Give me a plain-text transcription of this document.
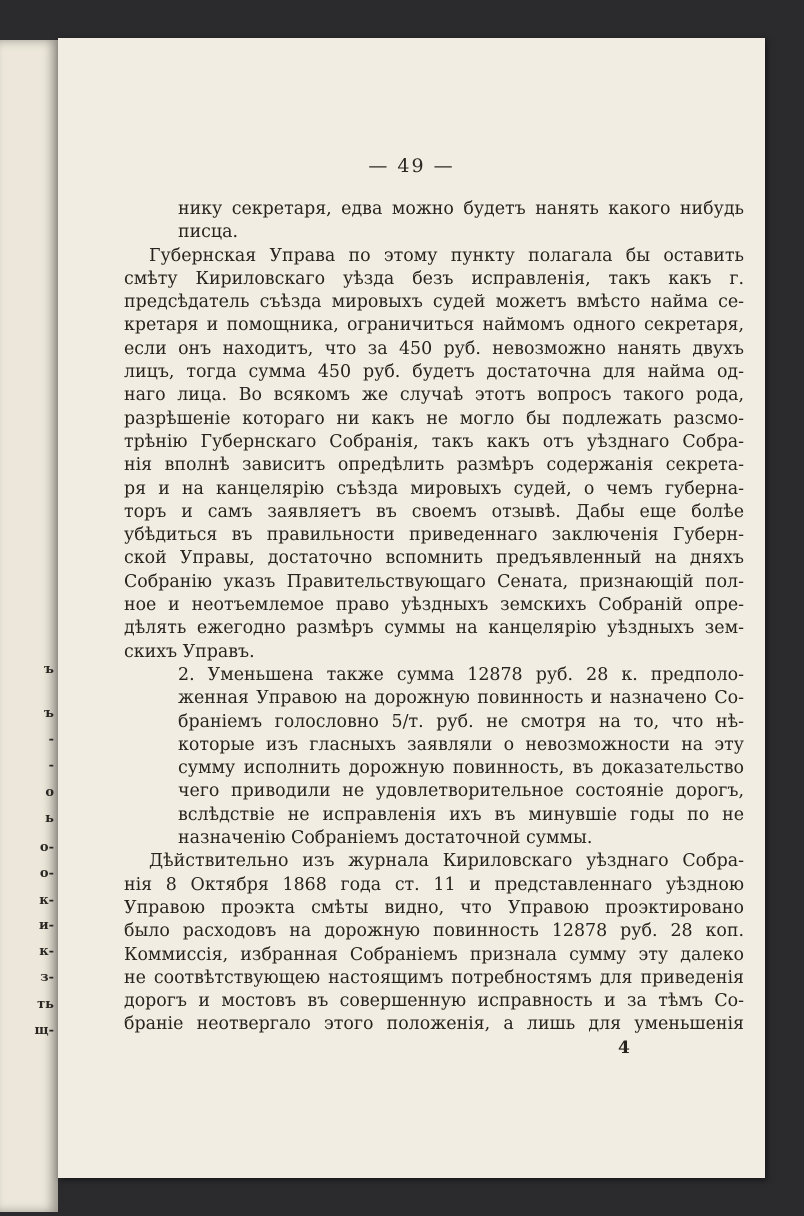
ъ
ъ
-
-
о
ь
о-
о-
к-
и-
к-
з-
ть
щ-
— 49 —
нику секретаря, едва можно будетъ нанять какого нибудь
писца.
Губернская Управа по этому пункту полагала бы оставить
смѣту Кириловскаго уѣзда безъ исправленія, такъ какъ г.
предсѣдатель съѣзда мировыхъ судей можетъ вмѣсто найма се-
кретаря и помощника, ограничиться наймомъ одного секретаря,
если онъ находитъ, что за 450 руб. невозможно нанять двухъ
лицъ, тогда сумма 450 руб. будетъ достаточна для найма од-
наго лица. Во всякомъ же случаѣ этотъ вопросъ такого рода,
разрѣшеніе котораго ни какъ не могло бы подлежать разсмо-
трѣнію Губернскаго Собранія, такъ какъ отъ уѣзднаго Собра-
нія вполнѣ зависитъ опредѣлить размѣръ содержанія секрета-
ря и на канцелярію съѣзда мировыхъ судей, о чемъ губерна-
торъ и самъ заявляетъ въ своемъ отзывѣ. Дабы еще болѣе
убѣдиться въ правильности приведеннаго заключенія Губерн-
ской Управы, достаточно вспомнить предъявленный на дняхъ
Собранію указъ Правительствующаго Сената, признающій пол-
ное и неотъемлемое право уѣздныхъ земскихъ Собраній опре-
дѣлять ежегодно размѣръ суммы на канцелярію уѣздныхъ зем-
скихъ Управъ.
2. Уменьшена также сумма 12878 руб. 28 к. предполо-
женная Управою на дорожную повинность и назначено Со-
браніемъ голословно 5/т. руб. не смотря на то, что нѣ-
которые изъ гласныхъ заявляли о невозможности на эту
сумму исполнить дорожную повинность, въ доказательство
чего приводили не удовлетворительное состояніе дорогъ,
вслѣдствіе не исправленія ихъ въ минувшіе годы по не
назначенію Собраніемъ достаточной суммы.
Дѣйствительно изъ журнала Кириловскаго уѣзднаго Собра-
нія 8 Октября 1868 года ст. 11 и представленнаго уѣздною
Управою проэкта смѣты видно, что Управою проэктировано
было расходовъ на дорожную повинность 12878 руб. 28 коп.
Коммиссія, избранная Собраніемъ признала сумму эту далеко
не соотвѣтствующею настоящимъ потребностямъ для приведенія
дорогъ и мостовъ въ совершенную исправность и за тѣмъ Со-
браніе неотвергало этого положенія, а лишь для уменьшенія
4
